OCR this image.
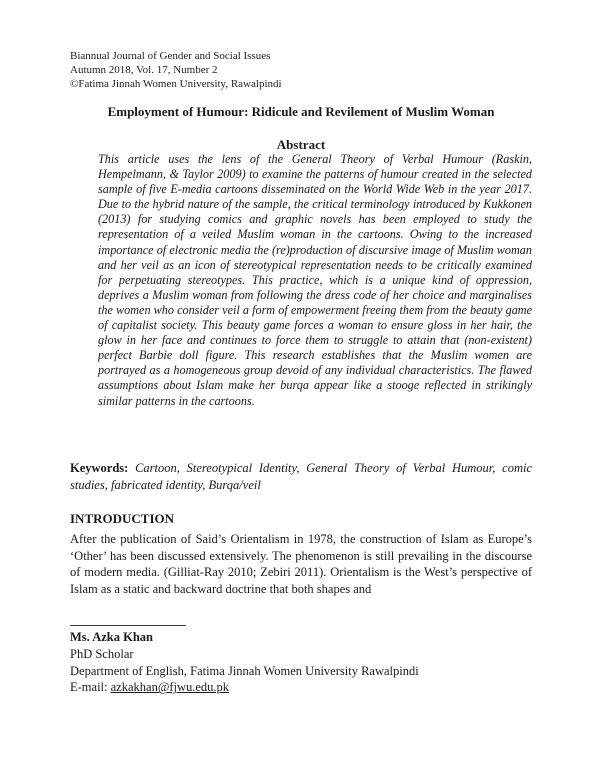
Biannual Journal of Gender and Social Issues
Autumn 2018, Vol. 17, Number 2
©Fatima Jinnah Women University, Rawalpindi
Employment of Humour: Ridicule and Revilement of Muslim Woman
Abstract

This article uses the lens of the General Theory of Verbal Humour (Raskin, Hempelmann, & Taylor 2009) to examine the patterns of humour created in the selected sample of five E-media cartoons disseminated on the World Wide Web in the year 2017. Due to the hybrid nature of the sample, the critical terminology introduced by Kukkonen (2013) for studying comics and graphic novels has been employed to study the representation of a veiled Muslim woman in the cartoons. Owing to the increased importance of electronic media the (re)production of discursive image of Muslim woman and her veil as an icon of stereotypical representation needs to be critically examined for perpetuating stereotypes. This practice, which is a unique kind of oppression, deprives a Muslim woman from following the dress code of her choice and marginalises the women who consider veil a form of empowerment freeing them from the beauty game of capitalist society. This beauty game forces a woman to ensure gloss in her hair, the glow in her face and continues to force them to struggle to attain that (non-existent) perfect Barbie doll figure. This research establishes that the Muslim women are portrayed as a homogeneous group devoid of any individual characteristics. The flawed assumptions about Islam make her burqa appear like a stooge reflected in strikingly similar patterns in the cartoons.

Keywords: Cartoon, Stereotypical Identity, General Theory of Verbal Humour, comic studies, fabricated identity, Burqa/veil

INTRODUCTION

After the publication of Said’s Orientalism in 1978, the construction of Islam as Europe’s ‘Other’ has been discussed extensively. The phenomenon is still prevailing in the discourse of modern media. (Gilliat-Ray 2010; Zebiri 2011). Orientalism is the West’s perspective of Islam as a static and backward doctrine that both shapes and

Ms. Azka Khan
PhD Scholar
Department of English, Fatima Jinnah Women University Rawalpindi
E-mail: azkakhan@fjwu.edu.pk
